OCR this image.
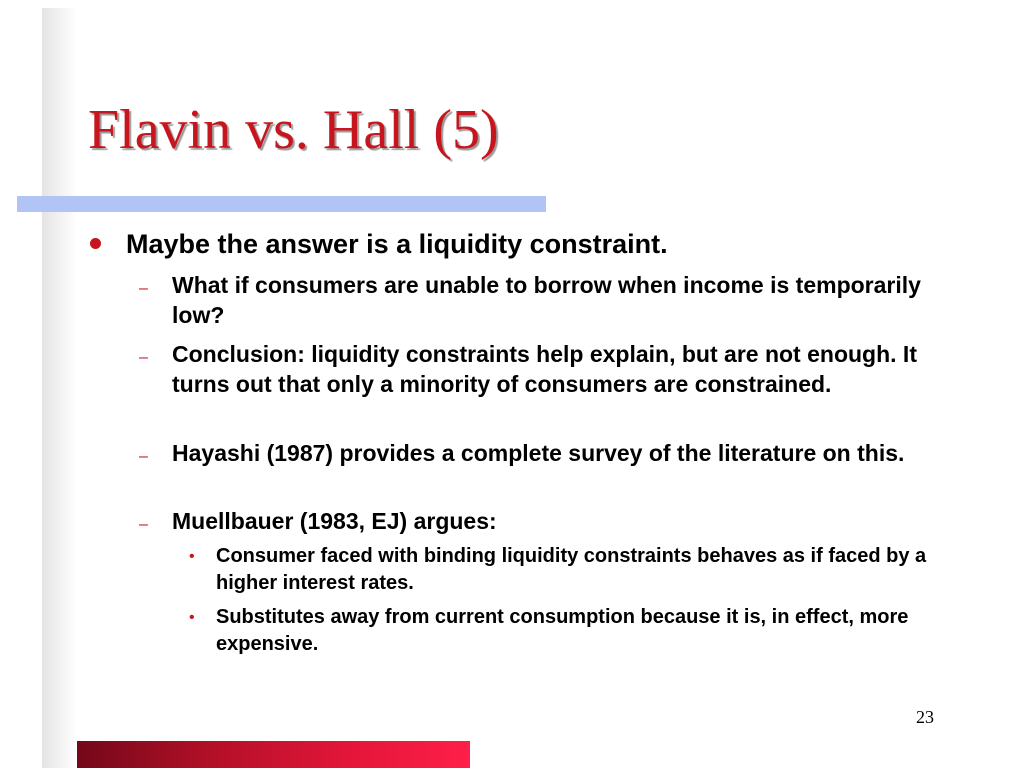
Flavin vs. Hall (5)
Maybe the answer is a liquidity constraint.
– What if consumers are unable to borrow when income is temporarily low?
– Conclusion: liquidity constraints help explain, but are not enough. It turns out that only a minority of consumers are constrained.
– Hayashi (1987) provides a complete survey of the literature on this.
– Muellbauer (1983, EJ) argues:
• Consumer faced with binding liquidity constraints behaves as if faced by a higher interest rates.
• Substitutes away from current consumption because it is, in effect, more expensive.
23
